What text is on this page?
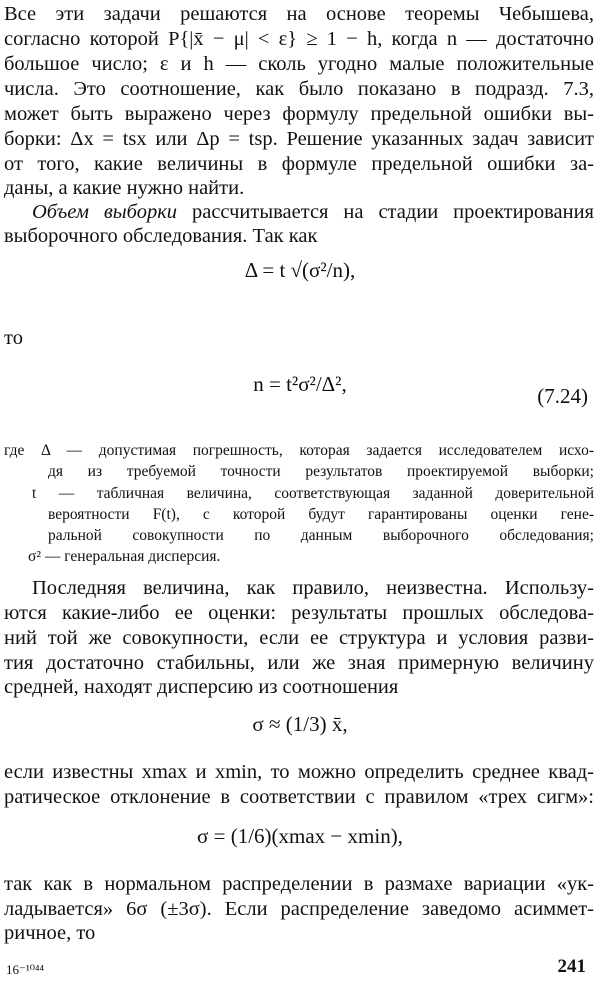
Все эти задачи решаются на основе теоремы Чебышева,
согласно которой P{|x̄ − μ| < ε} ≥ 1 − h, когда n — достаточно
большое число; ε и h — сколь угодно малые положительные
числа. Это соотношение, как было показано в подразд. 7.3,
может быть выражено через формулу предельной ошибки вы-
борки: Δx = tsx или Δp = tsp. Решение указанных задач зависит
от того, какие величины в формуле предельной ошибки за-
даны, а какие нужно найти.
Объем выборки рассчитывается на стадии проектирования
выборочного обследования. Так как
Δ = t √(σ²/n),
то
n = t²σ²/Δ²,	(7.24)
где Δ — допустимая погрешность, которая задается исследователем исхо-
дя из требуемой точности результатов проектируемой выборки;
t — табличная величина, соответствующая заданной доверительной
вероятности F(t), с которой будут гарантированы оценки гене-
ральной совокупности по данным выборочного обследования;
σ² — генеральная дисперсия.
Последняя величина, как правило, неизвестна. Использу-
ются какие-либо ее оценки: результаты прошлых обследова-
ний той же совокупности, если ее структура и условия разви-
тия достаточно стабильны, или же зная примерную величину
средней, находят дисперсию из соотношения
σ ≈ (1/3) x̄,
если известны xmax и xmin, то можно определить среднее квад-
ратическое отклонение в соответствии с правилом «трех сигм»:
σ = (1/6)(xmax − xmin),
так как в нормальном распределении в размахе вариации «ук-
ладывается» 6σ (±3σ). Если распределение заведомо асиммет-
ричное, то
16⁻¹⁰⁴⁴	241
